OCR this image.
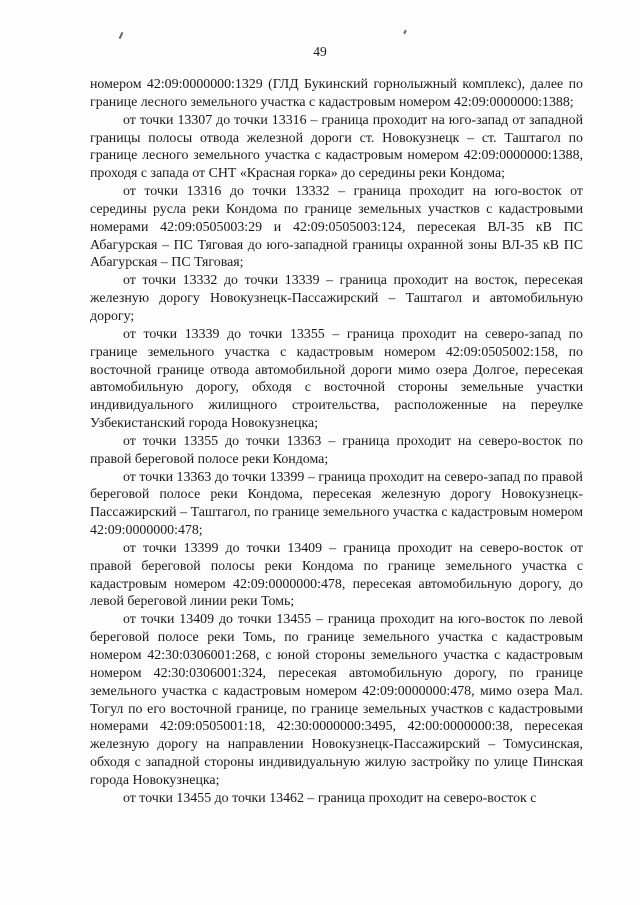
49

номером 42:09:0000000:1329 (ГЛД Букинский горнолыжный комплекс), далее по границе лесного земельного участка с кадастровым номером 42:09:0000000:1388;

от точки 13307 до точки 13316 – граница проходит на юго-запад от западной границы полосы отвода железной дороги ст. Новокузнецк – ст. Таштагол по границе лесного земельного участка с кадастровым номером 42:09:0000000:1388, проходя с запада от СНТ «Красная горка» до середины реки Кондома;

от точки 13316 до точки 13332 – граница проходит на юго-восток от середины русла реки Кондома по границе земельных участков с кадастровыми номерами 42:09:0505003:29 и 42:09:0505003:124, пересекая ВЛ-35 кВ ПС Абагурская – ПС Тяговая до юго-западной границы охранной зоны ВЛ-35 кВ ПС Абагурская – ПС Тяговая;

от точки 13332 до точки 13339 – граница проходит на восток, пересекая железную дорогу Новокузнецк-Пассажирский – Таштагол и автомобильную дорогу;

от точки 13339 до точки 13355 – граница проходит на северо-запад по границе земельного участка с кадастровым номером 42:09:0505002:158, по восточной границе отвода автомобильной дороги мимо озера Долгое, пересекая автомобильную дорогу, обходя с восточной стороны земельные участки индивидуального жилищного строительства, расположенные на переулке Узбекистанский города Новокузнецка;

от точки 13355 до точки 13363 – граница проходит на северо-восток по правой береговой полосе реки Кондома;

от точки 13363 до точки 13399 – граница проходит на северо-запад по правой береговой полосе реки Кондома, пересекая железную дорогу Новокузнецк-Пассажирский – Таштагол, по границе земельного участка с кадастровым номером 42:09:0000000:478;

от точки 13399 до точки 13409 – граница проходит на северо-восток от правой береговой полосы реки Кондома по границе земельного участка с кадастровым номером 42:09:0000000:478, пересекая автомобильную дорогу, до левой береговой линии реки Томь;

от точки 13409 до точки 13455 – граница проходит на юго-восток по левой береговой полосе реки Томь, по границе земельного участка с кадастровым номером 42:30:0306001:268, с юной стороны земельного участка с кадастровым номером 42:30:0306001:324, пересекая автомобильную дорогу, по границе земельного участка с кадастровым номером 42:09:0000000:478, мимо озера Мал. Тогул по его восточной границе, по границе земельных участков с кадастровыми номерами 42:09:0505001:18, 42:30:0000000:3495, 42:00:0000000:38, пересекая железную дорогу на направлении Новокузнецк-Пассажирский – Томусинская, обходя с западной стороны индивидуальную жилую застройку по улице Пинская города Новокузнецка;

от точки 13455 до точки 13462 – граница проходит на северо-восток с
